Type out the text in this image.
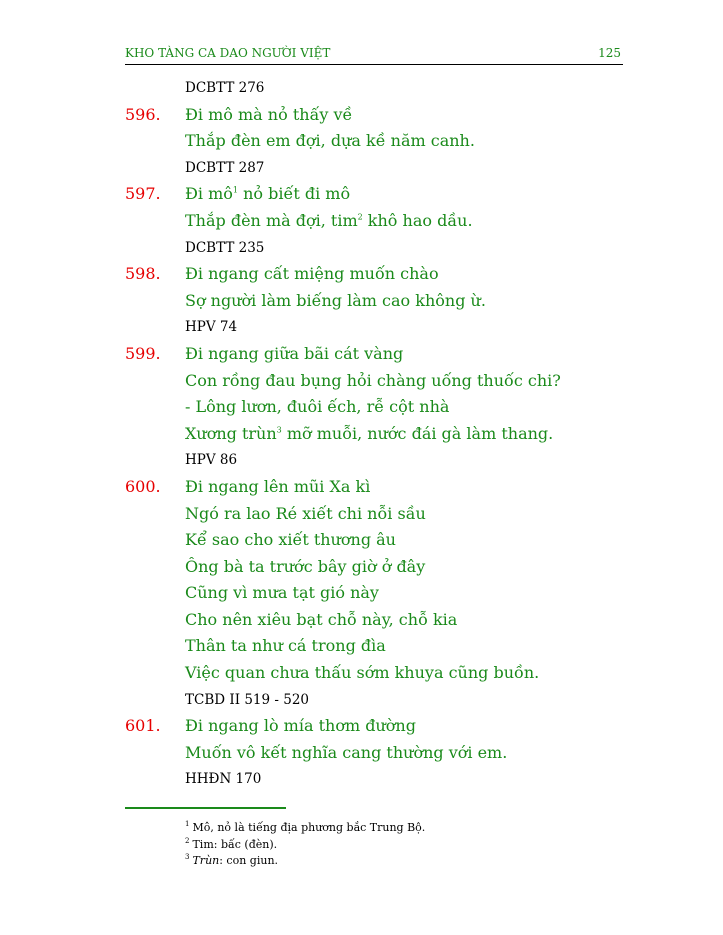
KHO TÀNG CA DAO NGƯỜI VIỆT	125
DCBTT 276
596. Đi mô mà nỏ thấy về
Thắp đèn em đợi, dựa kề năm canh.
DCBTT 287
597. Đi $mô^1$ nỏ biết đi mô
Thắp đèn mà đợi, tim$^2$ khô hao dầu.
DCBTT 235
598. Đi ngang cất miệng muốn chào
Sợ người làm biếng làm cao không ừ.
HPV 74
599. Đi ngang giữa bãi cát vàng
Con rồng đau bụng hỏi chàng uống thuốc chi?
- Lông lươn, đuôi ếch, rễ cột nhà
Xương trùn$^3$ mỡ muỗi, nước đái gà làm thang.
HPV 86
600. Đi ngang lên mũi Xa kì
Ngó ra lao Ré xiết chi nỗi sầu
Kể sao cho xiết thương âu
Ông bà ta trước bây giờ ở đây
Cũng vì mưa tạt gió này
Cho nên xiêu bạt chỗ này, chỗ kia
Thân ta như cá trong đìa
Việc quan chưa thấu sớm khuya cũng buồn.
TCBD II 519 - 520
601. Đi ngang lò mía thơm đường
Muốn vô kết nghĩa cang thường với em.
HHĐN 170
$^1$ Mô, nỏ là tiếng địa phương bắc Trung Bộ.
$^2$ Tim: bấc (đèn).
$^3$ Trùn: con giun.
